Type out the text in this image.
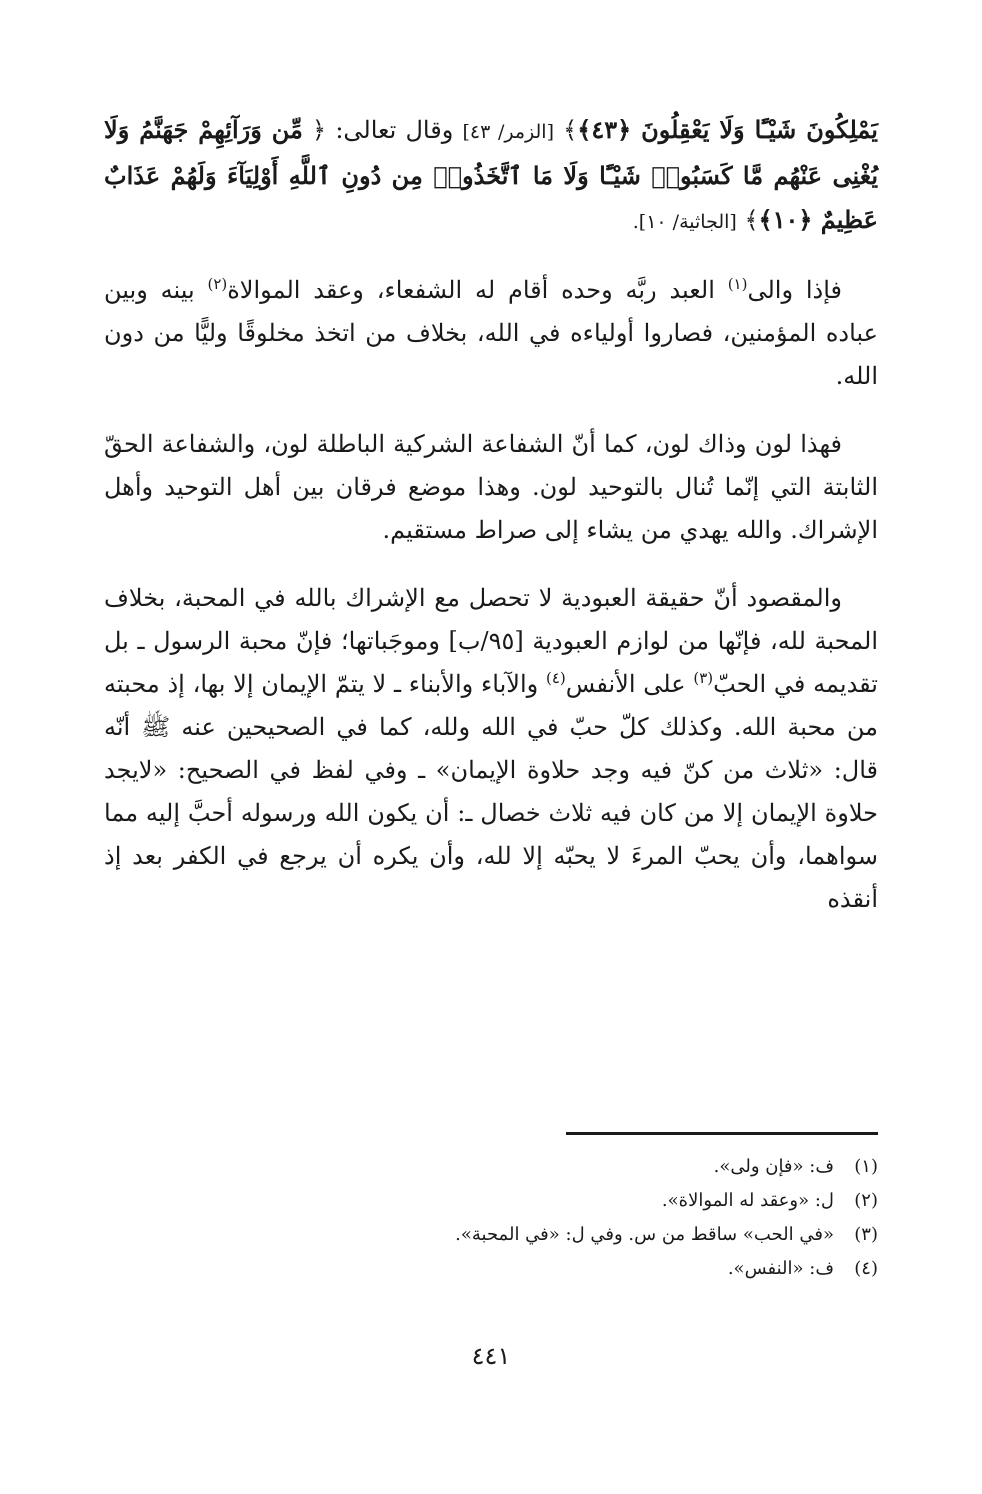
يَمْلِكُونَ شَيْـًٔا وَلَا يَعْقِلُونَ ﴿٤٣﴾﴾ [الزمر/ ٤٣] وقال تعالى: ﴿ مِّن وَرَآئِهِمْ جَهَنَّمُ وَلَا يُغْنِى عَنْهُم مَّا كَسَبُوا۟ شَيْـًٔا وَلَا مَا ٱتَّخَذُوا۟ مِن دُونِ ٱللَّهِ أَوْلِيَآءَ وَلَهُمْ عَذَابٌ عَظِيمٌ ﴿١٠﴾﴾ [الجاثية/ ١٠].

فإذا والى$^{(١)}$ العبد ربَّه وحده أقام له الشفعاء، وعقد الموالاة$^{(٢)}$ بينه وبين عباده المؤمنين، فصاروا أولياءه في الله، بخلاف من اتخذ مخلوقًا وليًّا من دون الله.

فهذا لون وذاك لون، كما أنّ الشفاعة الشركية الباطلة لون، والشفاعة الحقّ الثابتة التي إنّما تُنال بالتوحيد لون. وهذا موضع فرقان بين أهل التوحيد وأهل الإشراك. والله يهدي من يشاء إلى صراط مستقيم.

والمقصود أنّ حقيقة العبودية لا تحصل مع الإشراك بالله في المحبة، بخلاف المحبة لله، فإنّها من لوازم العبودية [٩٥/ب] وموجَباتها؛ فإنّ محبة الرسول ـ بل تقديمه في الحبّ$^{(٣)}$ على الأنفس$^{(٤)}$ والآباء والأبناء ـ لا يتمّ الإيمان إلا بها، إذ محبته من محبة الله. وكذلك كلّ حبّ في الله ولله، كما في الصحيحين عنه ﷺ أنّه قال: «ثلاث من كنّ فيه وجد حلاوة الإيمان» ـ وفي لفظ في الصحيح: «لايجد حلاوة الإيمان إلا من كان فيه ثلاث خصال ـ: أن يكون الله ورسوله أحبَّ إليه مما سواهما، وأن يحبّ المرءَ لا يحبّه إلا لله، وأن يكره أن يرجع في الكفر بعد إذ أنقذه

(١)
ف: «فإن ولى».
(٢)
ل: «وعقد له الموالاة».
(٣)
«في الحب» ساقط من س. وفي ل: «في المحبة».
(٤)
ف: «النفس».
٤٤١
